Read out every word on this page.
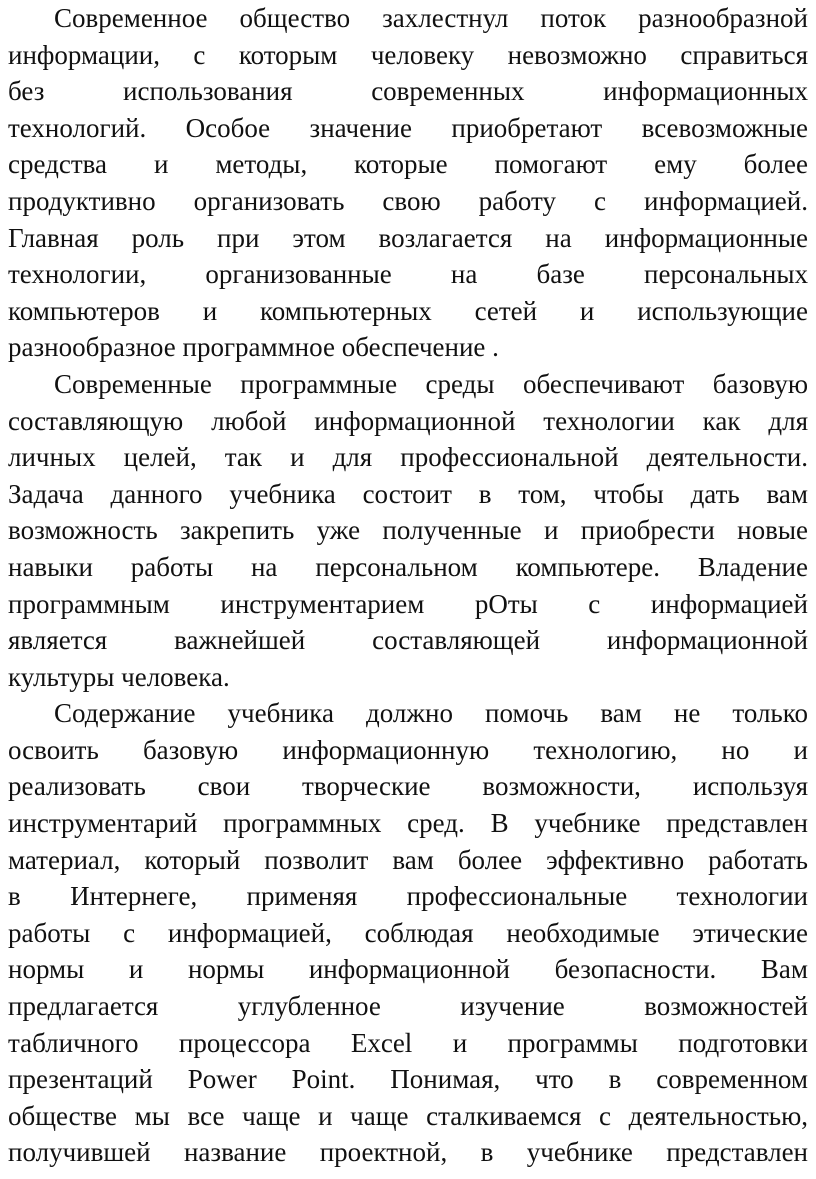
Современное общество захлестнул поток разнообразной
информации, с которым человеку невозможно справиться
без использования современных информационных
технологий. Особое значение приобретают всевозможные
средства и методы, которые помогают ему более
продуктивно организовать свою работу с информацией.
Главная роль при этом возлагается на информационные
технологии, организованные на базе персональных
компьютеров и компьютерных сетей и использующие
разнообразное программное обеспечение .
Современные программные среды обеспечивают базовую
составляющую любой информационной технологии как для
личных целей, так и для профессиональной деятельности.
Задача данного учебника состоит в том, чтобы дать вам
возможность закрепить уже полученные и приобрести новые
навыки работы на персональном компьютере. Владение
программным инструментарием рОты с информацией
является важнейшей составляющей информационной
культуры человека.
Содержание учебника должно помочь вам не только
освоить базовую информационную технологию, но и
реализовать свои творческие возможности, используя
инструментарий программных сред. В учебнике представлен
материал, который позволит вам более эффективно работать
в Интернеге, применяя профессиональные технологии
работы с информацией, соблюдая необходимые этические
нормы и нормы информационной безопасности. Вам
предлагается углубленное изучение возможностей
табличного процессора Excel и программы подготовки
презентаций Power Point. Понимая, что в современном
обществе мы все чаще и чаще сталкиваемся с деятельностью,
получившей название проектной, в учебнике представлен
